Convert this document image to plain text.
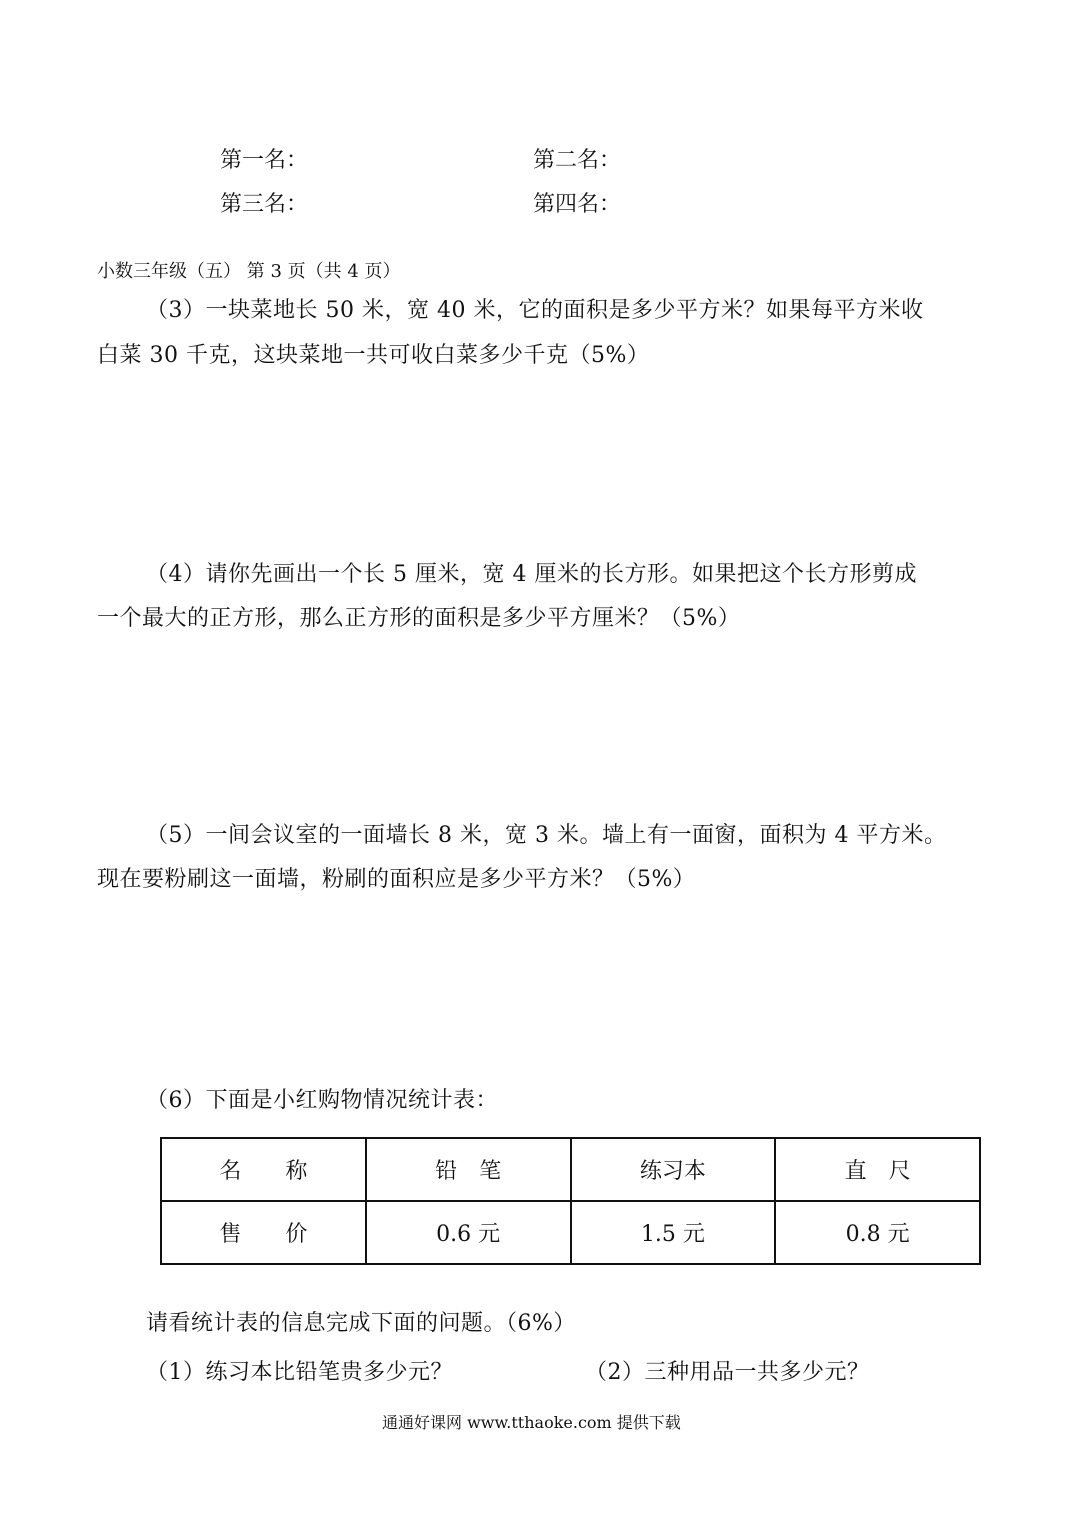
第一名：	第二名：
第三名：	第四名：
小数三年级（五） 第 3 页（共 4 页）
（3）一块菜地长 50 米，宽 40 米，它的面积是多少平方米？如果每平方米收
白菜 30 千克，这块菜地一共可收白菜多少千克（5%）
（4）请你先画出一个长 5 厘米，宽 4 厘米的长方形。如果把这个长方形剪成
一个最大的正方形，那么正方形的面积是多少平方厘米？（5%）
（5）一间会议室的一面墙长 8 米，宽 3 米。墙上有一面窗，面积为 4 平方米。
现在要粉刷这一面墙，粉刷的面积应是多少平方米？（5%）
（6）下面是小红购物情况统计表：
名　　称	铅　笔	练习本	直　尺
售　　价	0.6 元	1.5 元	0.8 元
请看统计表的信息完成下面的问题。（6%）
（1）练习本比铅笔贵多少元？	（2）三种用品一共多少元？
通通好课网 www.tthaoke.com 提供下载
